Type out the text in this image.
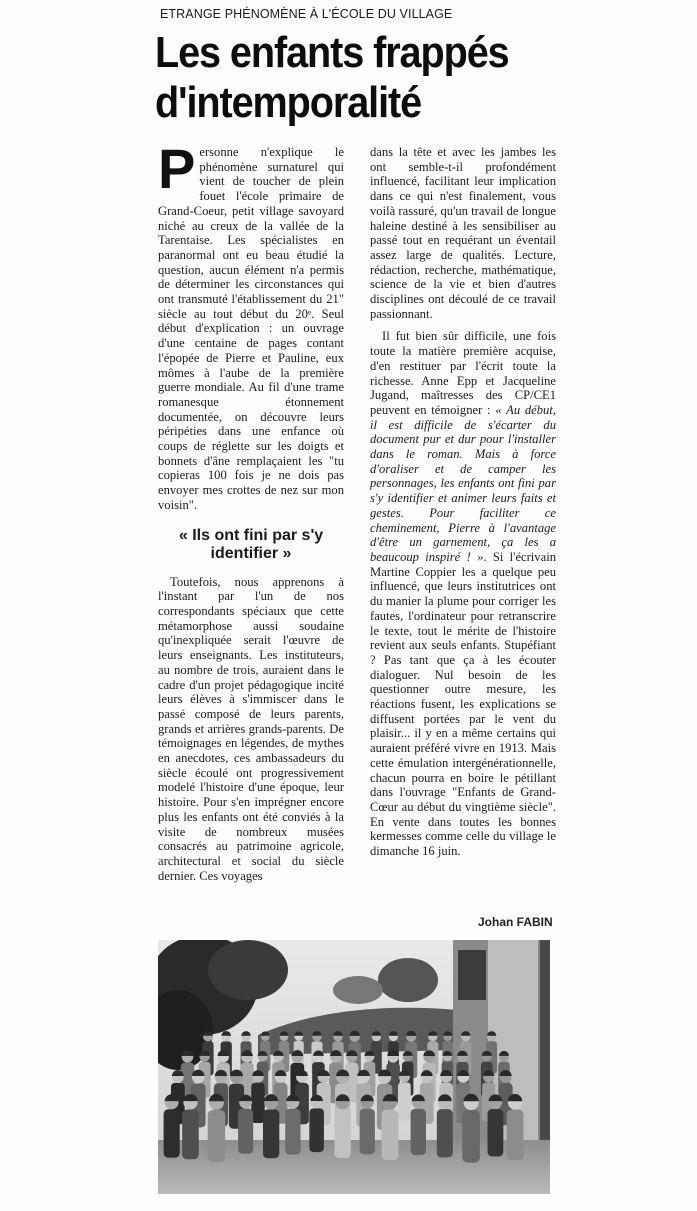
ETRANGE PHÉNOMÈNE À L'ÉCOLE DU VILLAGE
Les enfants frappés d'intemporalité

Personne n'explique le phénomène surnaturel qui vient de toucher de plein fouet l'école primaire de Grand-Coeur, petit village savoyard niché au creux de la vallée de la Tarentaise. Les spécialistes en paranormal ont eu beau étudié la question, aucun élément n'a permis de déterminer les circonstances qui ont transmuté l'établissement du 21" siècle au tout début du 20ᵉ. Seul début d'explication : un ouvrage d'une centaine de pages contant l'épopée de Pierre et Pauline, eux mômes à l'aube de la première guerre mondiale. Au fil d'une trame romanesque étonnement documentée, on découvre leurs péripéties dans une enfance où coups de réglette sur les doigts et bonnets d'âne remplaçaient les "tu copieras 100 fois je ne dois pas envoyer mes crottes de nez sur mon voisin".

« Ils ont fini par s'y identifier »

Toutefois, nous apprenons à l'instant par l'un de nos correspondants spéciaux que cette métamorphose aussi soudaine qu'inexpliquée serait l'œuvre de leurs enseignants. Les instituteurs, au nombre de trois, auraient dans le cadre d'un projet pédagogique incité leurs élèves à s'immiscer dans le passé composé de leurs parents, grands et arrières grands-parents. De témoignages en légendes, de mythes en anecdotes, ces ambassadeurs du siècle écoulé ont progressivement modelé l'histoire d'une époque, leur histoire. Pour s'en imprégner encore plus les enfants ont été conviés à la visite de nombreux musées consacrés au patrimoine agricole, architectural et social du siècle dernier. Ces voyages

dans la tête et avec les jambes les ont semble-t-il profondément influencé, facilitant leur implication dans ce qui n'est finalement, vous voilà rassuré, qu'un travail de longue haleine destiné à les sensibiliser au passé tout en requérant un éventail assez large de qualités. Lecture, rédaction, recherche, mathématique, science de la vie et bien d'autres disciplines ont découlé de ce travail passionnant.

Il fut bien sûr difficile, une fois toute la matière première acquise, d'en restituer par l'écrit toute la richesse. Anne Epp et Jacqueline Jugand, maîtresses des CP/CE1 peuvent en témoigner : « Au début, il est difficile de s'écarter du document pur et dur pour l'installer dans le roman. Mais à force d'oraliser et de camper les personnages, les enfants ont fini par s'y identifier et animer leurs faits et gestes. Pour faciliter ce cheminement, Pierre à l'avantage d'être un garnement, ça les a beaucoup inspiré ! ». Si l'écrivain Martine Coppier les a quelque peu influencé, que leurs institutrices ont du manier la plume pour corriger les fautes, l'ordinateur pour retranscrire le texte, tout le mérite de l'histoire revient aux seuls enfants. Stupéfiant ? Pas tant que ça à les écouter dialoguer. Nul besoin de les questionner outre mesure, les réactions fusent, les explications se diffusent portées par le vent du plaisir... il y en a même certains qui auraient préféré vivre en 1913. Mais cette émulation intergénérationnelle, chacun pourra en boire le pétillant dans l'ouvrage "Enfants de Grand-Cœur au début du vingtième siècle". En vente dans toutes les bonnes kermesses comme celle du village le dimanche 16 juin.

Johan FABIN
